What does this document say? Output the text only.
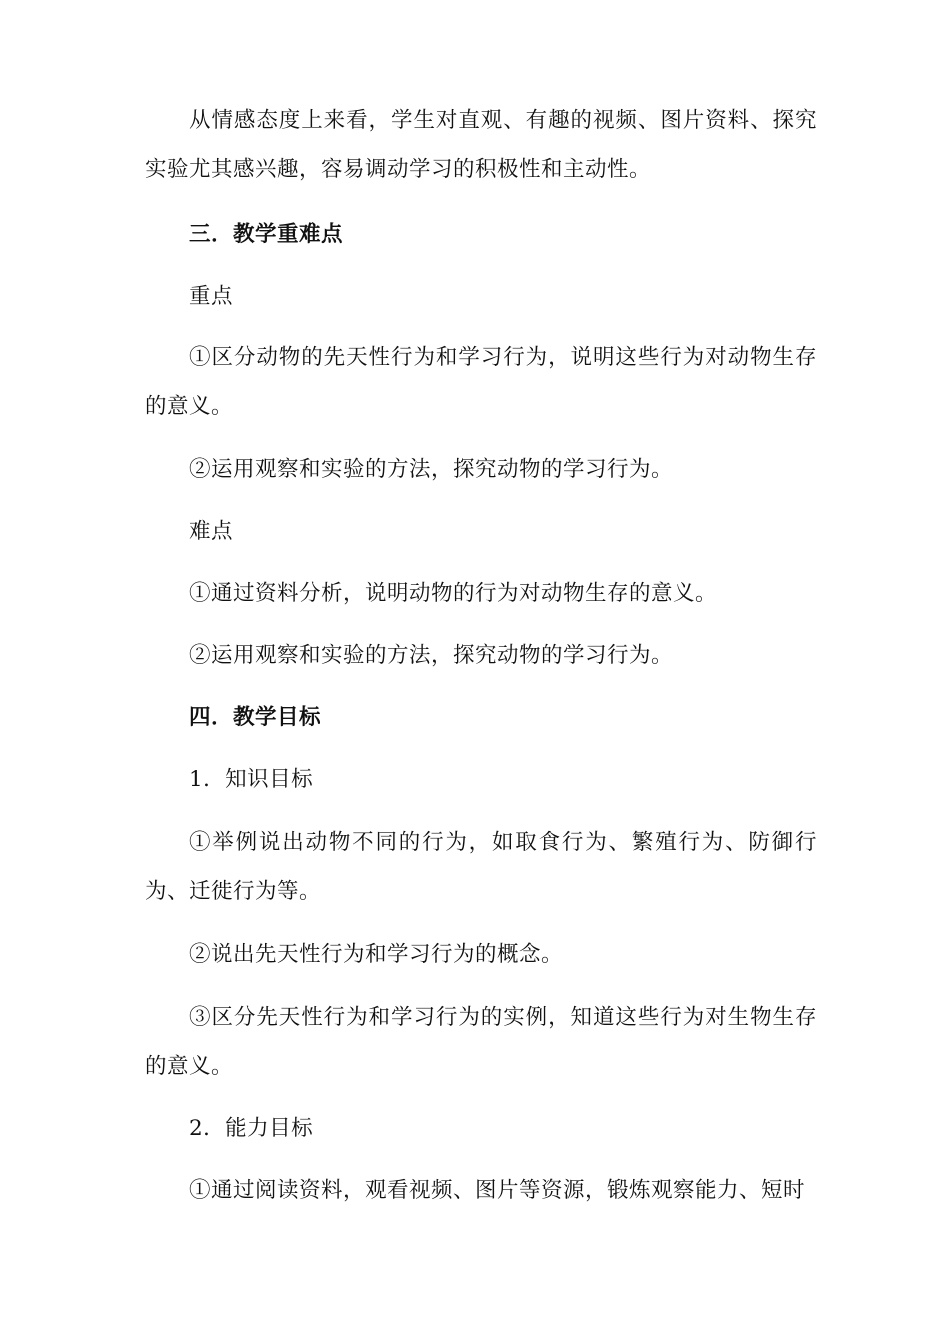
从情感态度上来看，学生对直观、有趣的视频、图片资料、探究实验尤其感兴趣，容易调动学习的积极性和主动性。

三．教学重难点

重点

①区分动物的先天性行为和学习行为，说明这些行为对动物生存的意义。

②运用观察和实验的方法，探究动物的学习行为。

难点

①通过资料分析，说明动物的行为对动物生存的意义。

②运用观察和实验的方法，探究动物的学习行为。

四．教学目标

1．知识目标

①举例说出动物不同的行为，如取食行为、繁殖行为、防御行为、迁徙行为等。

②说出先天性行为和学习行为的概念。

③区分先天性行为和学习行为的实例，知道这些行为对生物生存的意义。

2．能力目标

①通过阅读资料，观看视频、图片等资源，锻炼观察能力、短时
